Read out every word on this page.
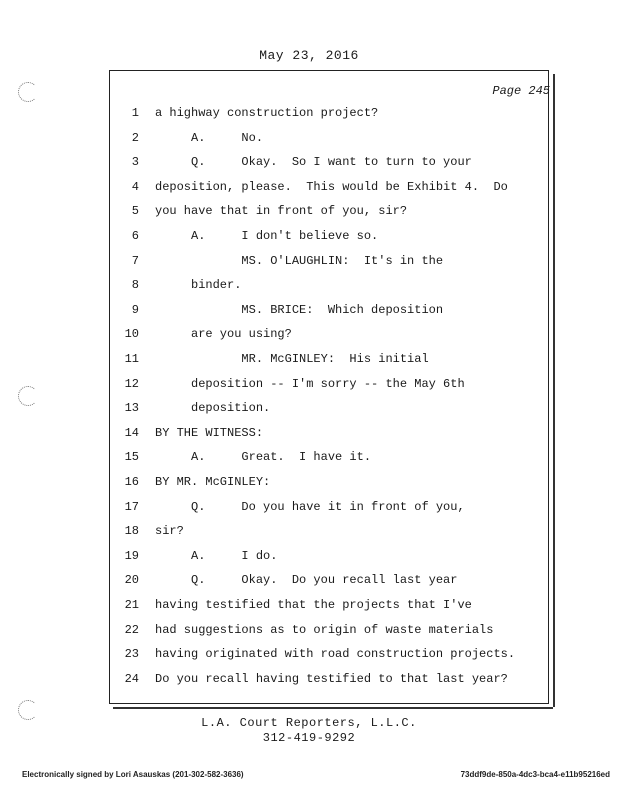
May 23, 2016
Page 245
1 a highway construction project?
2 A.     No.
3 Q.     Okay.  So I want to turn to your
4 deposition, please.  This would be Exhibit 4.  Do
5 you have that in front of you, sir?
6 A.     I don't believe so.
7 MS. O'LAUGHLIN:  It's in the
8 binder.
9 MS. BRICE:  Which deposition
10 are you using?
11 MR. McGINLEY:  His initial
12 deposition -- I'm sorry -- the May 6th
13 deposition.
14 BY THE WITNESS:
15 A.     Great.  I have it.
16 BY MR. McGINLEY:
17 Q.     Do you have it in front of you,
18 sir?
19 A.     I do.
20 Q.     Okay.  Do you recall last year
21 having testified that the projects that I've
22 had suggestions as to origin of waste materials
23 having originated with road construction projects.
24 Do you recall having testified to that last year?
L.A. Court Reporters, L.L.C.
312-419-9292
Electronically signed by Lori Asauskas (201-302-582-3636)	73ddf9de-850a-4dc3-bca4-e11b95216ed
